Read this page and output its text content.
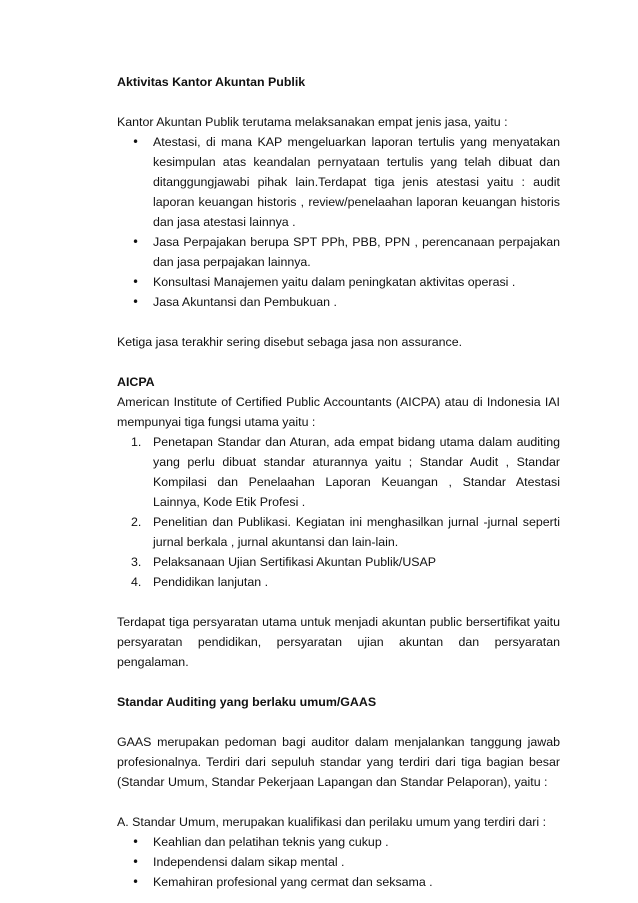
Aktivitas Kantor Akuntan Publik

Kantor Akuntan Publik terutama melaksanakan empat jenis jasa, yaitu :

• Atestasi, di mana KAP mengeluarkan laporan tertulis yang menyatakan kesimpulan atas keandalan pernyataan tertulis yang telah dibuat dan ditanggungjawabi pihak lain.Terdapat tiga jenis atestasi yaitu : audit laporan keuangan historis , review/penelaahan laporan keuangan historis dan jasa atestasi lainnya .
• Jasa Perpajakan berupa SPT PPh, PBB, PPN , perencanaan perpajakan dan jasa perpajakan lainnya.
• Konsultasi Manajemen yaitu dalam peningkatan aktivitas operasi .
• Jasa Akuntansi dan Pembukuan .

Ketiga jasa terakhir sering disebut sebaga jasa non assurance.

AICPA

American Institute of Certified Public Accountants (AICPA) atau di Indonesia IAI mempunyai tiga fungsi utama yaitu :

1. Penetapan Standar dan Aturan, ada empat bidang utama dalam auditing yang perlu dibuat standar aturannya yaitu ; Standar Audit , Standar Kompilasi dan Penelaahan Laporan Keuangan , Standar Atestasi Lainnya, Kode Etik Profesi .
2. Penelitian dan Publikasi. Kegiatan ini menghasilkan jurnal -jurnal seperti jurnal berkala , jurnal akuntansi dan lain-lain.
3. Pelaksanaan Ujian Sertifikasi Akuntan Publik/USAP
4. Pendidikan lanjutan .

Terdapat tiga persyaratan utama untuk menjadi akuntan public bersertifikat yaitu persyaratan pendidikan, persyaratan ujian akuntan dan persyaratan pengalaman.

Standar Auditing yang berlaku umum/GAAS

GAAS merupakan pedoman bagi auditor dalam menjalankan tanggung jawab profesionalnya. Terdiri dari sepuluh standar yang terdiri dari tiga bagian besar (Standar Umum, Standar Pekerjaan Lapangan dan Standar Pelaporan), yaitu :

A. Standar Umum, merupakan kualifikasi dan perilaku umum yang terdiri dari :

• Keahlian dan pelatihan teknis yang cukup .
• Independensi dalam sikap mental .
• Kemahiran profesional yang cermat dan seksama .
